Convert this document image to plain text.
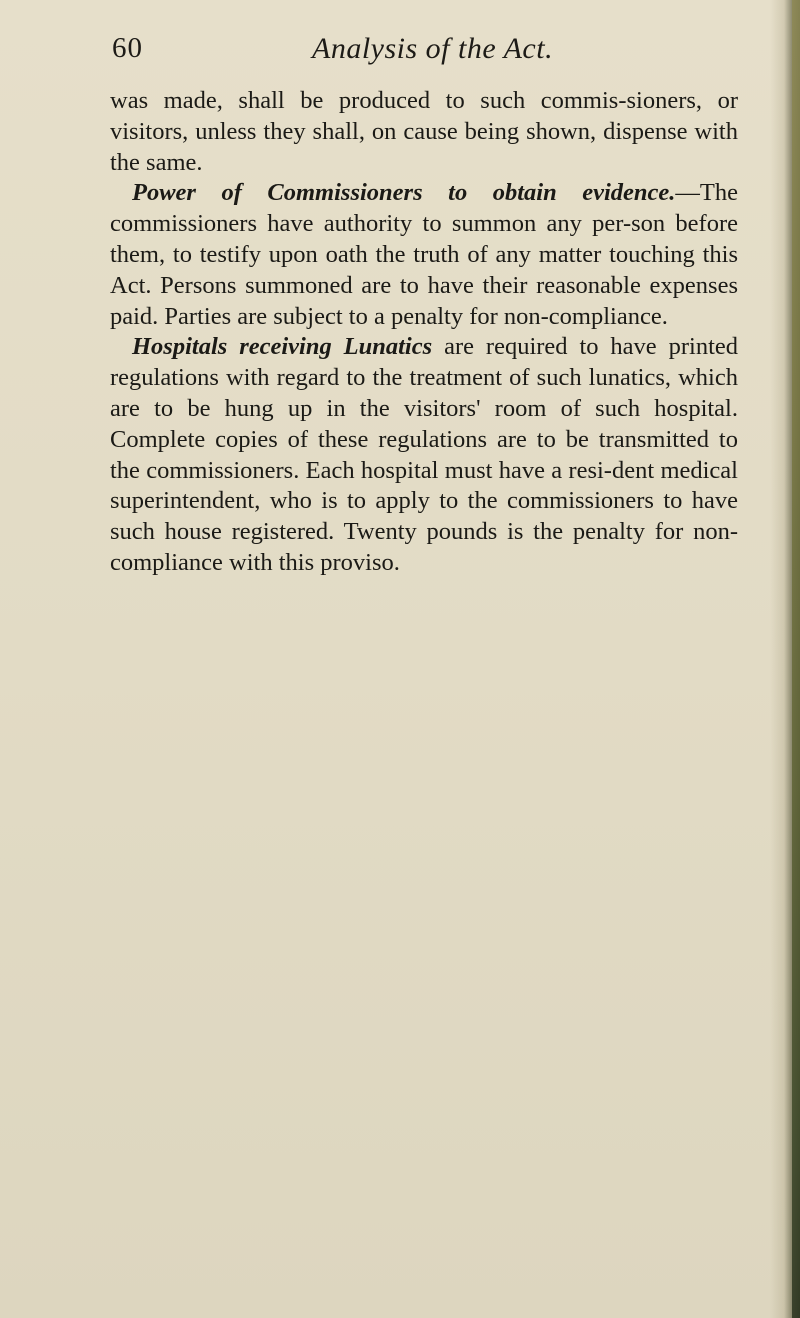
60	Analysis of the Act.

was made, shall be produced to such commis-sioners, or visitors, unless they shall, on cause being shown, dispense with the same.

Power of Commissioners to obtain evidence.—The commissioners have authority to summon any per-son before them, to testify upon oath the truth of any matter touching this Act. Persons summoned are to have their reasonable expenses paid. Parties are subject to a penalty for non-compliance.

Hospitals receiving Lunatics are required to have printed regulations with regard to the treatment of such lunatics, which are to be hung up in the visitors' room of such hospital. Complete copies of these regulations are to be transmitted to the commissioners. Each hospital must have a resi-dent medical superintendent, who is to apply to the commissioners to have such house registered. Twenty pounds is the penalty for non-compliance with this proviso.
